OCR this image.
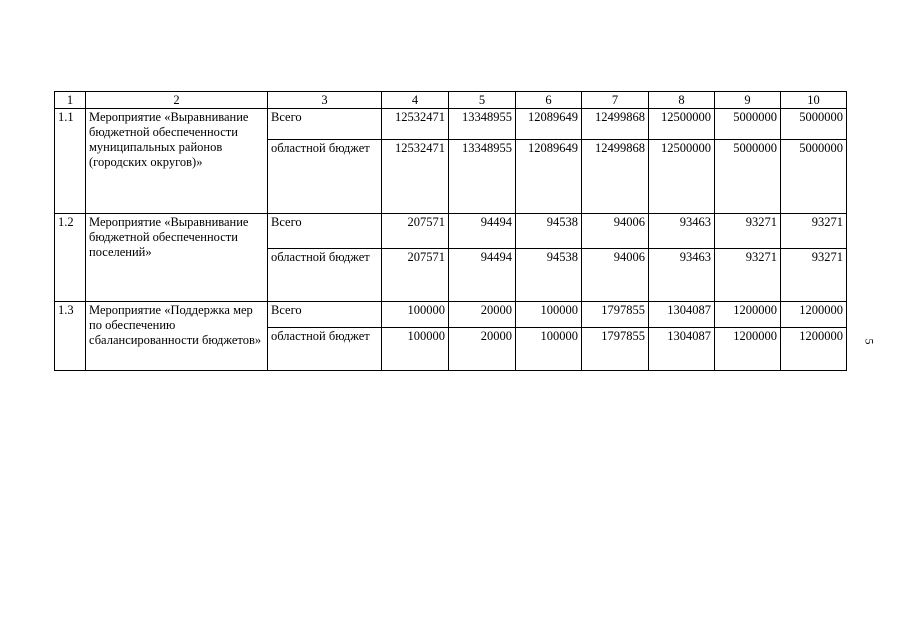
1	2	3	4	5	6	7	8	9	10
1.1	Мероприятие «Выравнивание бюджетной обеспеченности муниципальных районов (городских округов)»	Всего	12532471	13348955	12089649	12499868	12500000	5000000	5000000
		областной бюджет	12532471	13348955	12089649	12499868	12500000	5000000	5000000
1.2	Мероприятие «Выравнивание бюджетной обеспеченности поселений»	Всего	207571	94494	94538	94006	93463	93271	93271
		областной бюджет	207571	94494	94538	94006	93463	93271	93271
1.3	Мероприятие «Поддержка мер по обеспечению сбалансированности бюджетов»	Всего	100000	20000	100000	1797855	1304087	1200000	1200000
		областной бюджет	100000	20000	100000	1797855	1304087	1200000	1200000 5
